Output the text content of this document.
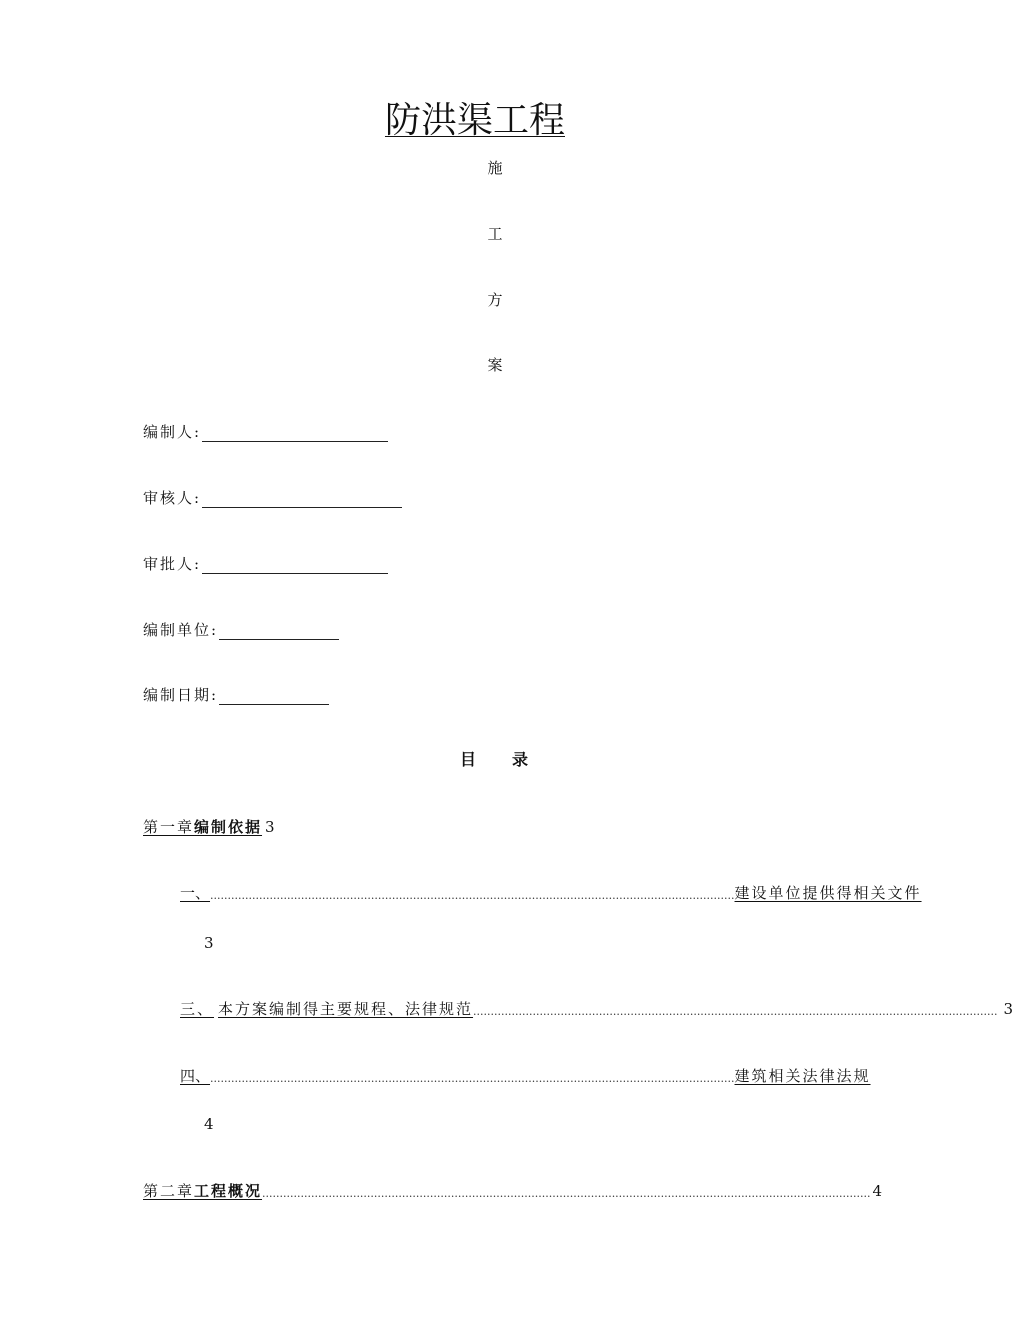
防洪渠工程
施
工
方
案
编制人:
审核人:
审批人:
编制单位:
编制日期:
目 录
第一章 编制依据 3
一、 ...................................................................................................................................................... 建设单位提供得相关文件
3
三、 本方案编制得主要规程、法律规范 ...................................................................................................................................................... 3
四、 ...................................................................................................................................................... 建筑相关法律法规
4
第二章 工程概况 .............................................................................................................................................................................. 4
